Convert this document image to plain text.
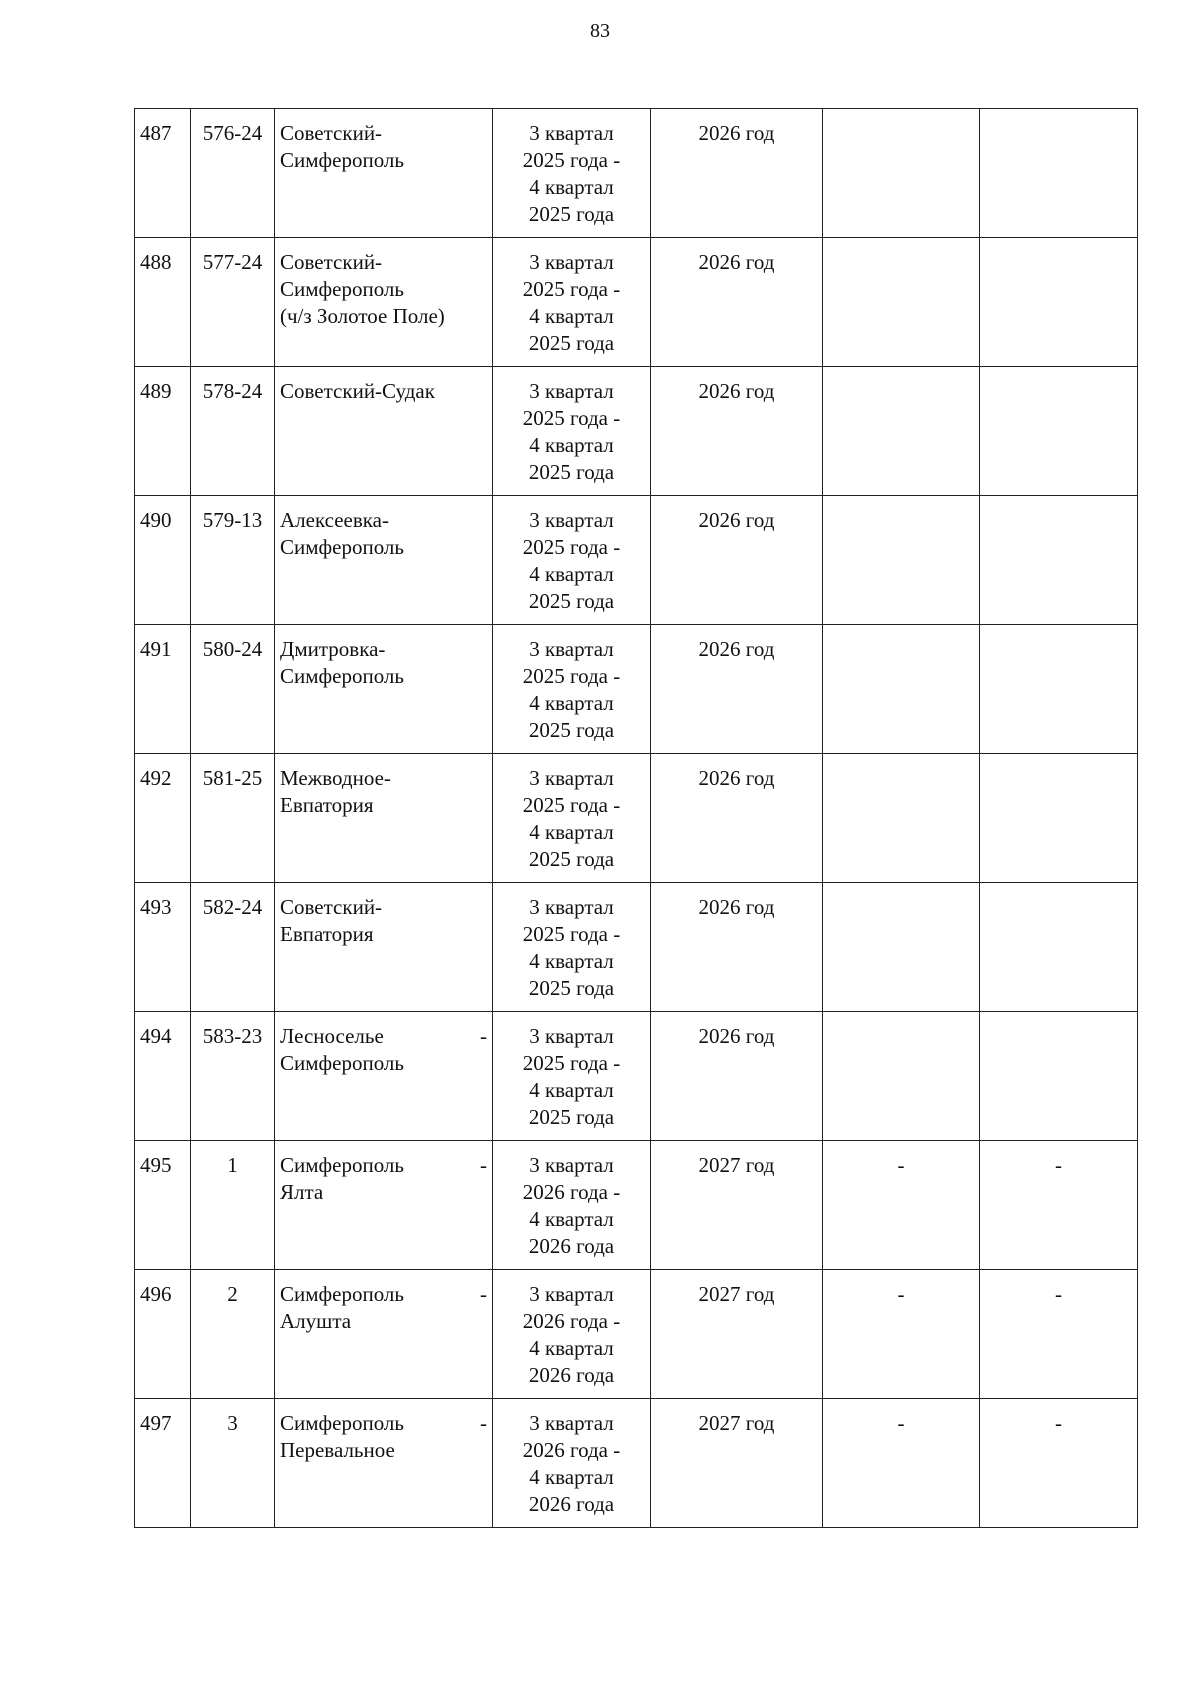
83
487	576-24	Советский-
Симферополь	3 квартал
2025 года -
4 квартал
2025 года	2026 год		
488	577-24	Советский-
Симферополь
(ч/з Золотое Поле)	3 квартал
2025 года -
4 квартал
2025 года	2026 год		
489	578-24	Советский-Судак	3 квартал
2025 года -
4 квартал
2025 года	2026 год		
490	579-13	Алексеевка-
Симферополь	3 квартал
2025 года -
4 квартал
2025 года	2026 год		
491	580-24	Дмитровка-
Симферополь	3 квартал
2025 года -
4 квартал
2025 года	2026 год		
492	581-25	Межводное-
Евпатория	3 квартал
2025 года -
4 квартал
2025 года	2026 год		
493	582-24	Советский-
Евпатория	3 квартал
2025 года -
4 квартал
2025 года	2026 год		
494	583-23	Лесноселье -
Симферополь	3 квартал
2025 года -
4 квартал
2025 года	2026 год		
495	1	Симферополь -
Ялта	3 квартал
2026 года -
4 квартал
2026 года	2027 год	-	-
496	2	Симферополь -
Алушта	3 квартал
2026 года -
4 квартал
2026 года	2027 год	-	-
497	3	Симферополь -
Перевальное	3 квартал
2026 года -
4 квартал
2026 года	2027 год	-	-
